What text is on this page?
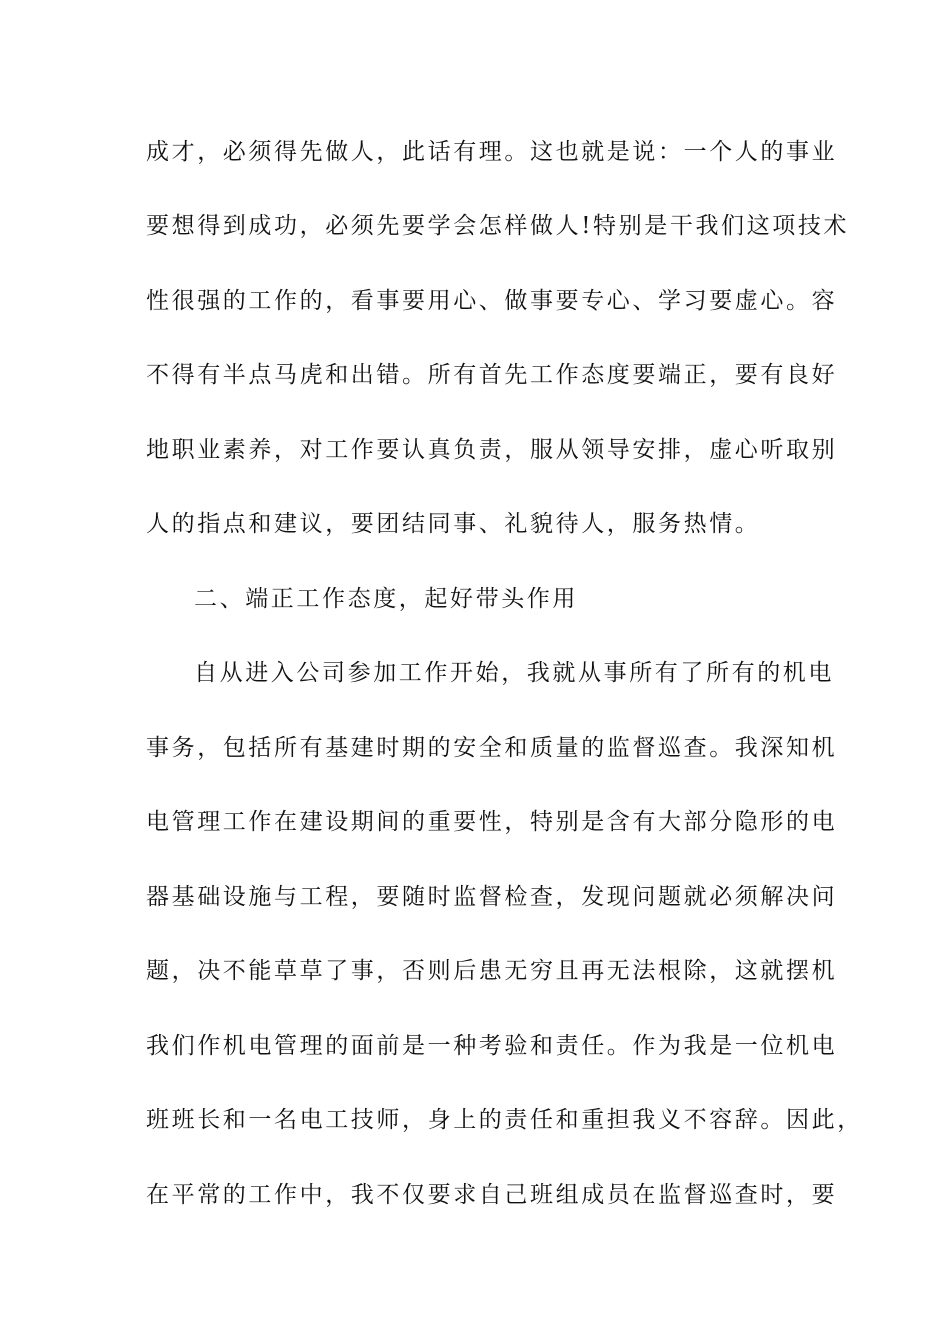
成才，必须得先做人，此话有理。这也就是说：一个人的事业
要想得到成功，必须先要学会怎样做人!特别是干我们这项技术
性很强的工作的，看事要用心、做事要专心、学习要虚心。容
不得有半点马虎和出错。所有首先工作态度要端正，要有良好
地职业素养，对工作要认真负责，服从领导安排，虚心听取别
人的指点和建议，要团结同事、礼貌待人，服务热情。
二、端正工作态度，起好带头作用
自从进入公司参加工作开始，我就从事所有了所有的机电
事务，包括所有基建时期的安全和质量的监督巡查。我深知机
电管理工作在建设期间的重要性，特别是含有大部分隐形的电
器基础设施与工程，要随时监督检查，发现问题就必须解决问
题，决不能草草了事，否则后患无穷且再无法根除，这就摆机
我们作机电管理的面前是一种考验和责任。作为我是一位机电
班班长和一名电工技师，身上的责任和重担我义不容辞。因此，
在平常的工作中，我不仅要求自己班组成员在监督巡查时，要
